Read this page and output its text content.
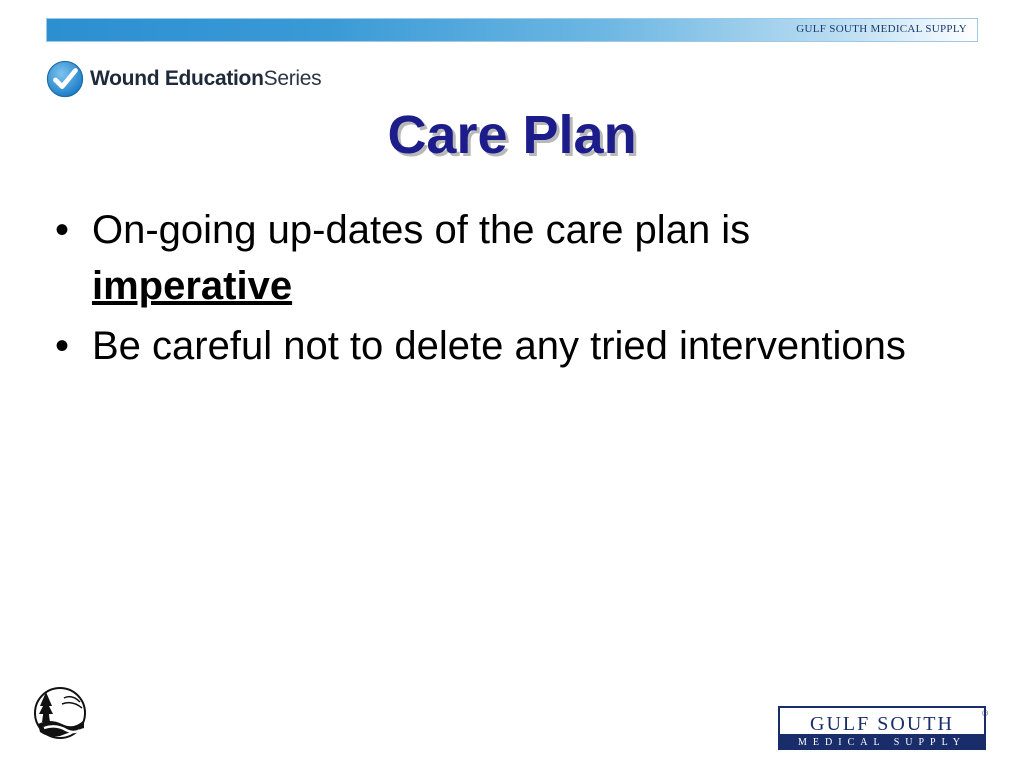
GULF SOUTH MEDICAL SUPPLY
Wound EducationSeries
Care Plan
• On-going up-dates of the care plan is
imperative
• Be careful not to delete any tried interventions
GULF SOUTH
MEDICAL SUPPLY
®
